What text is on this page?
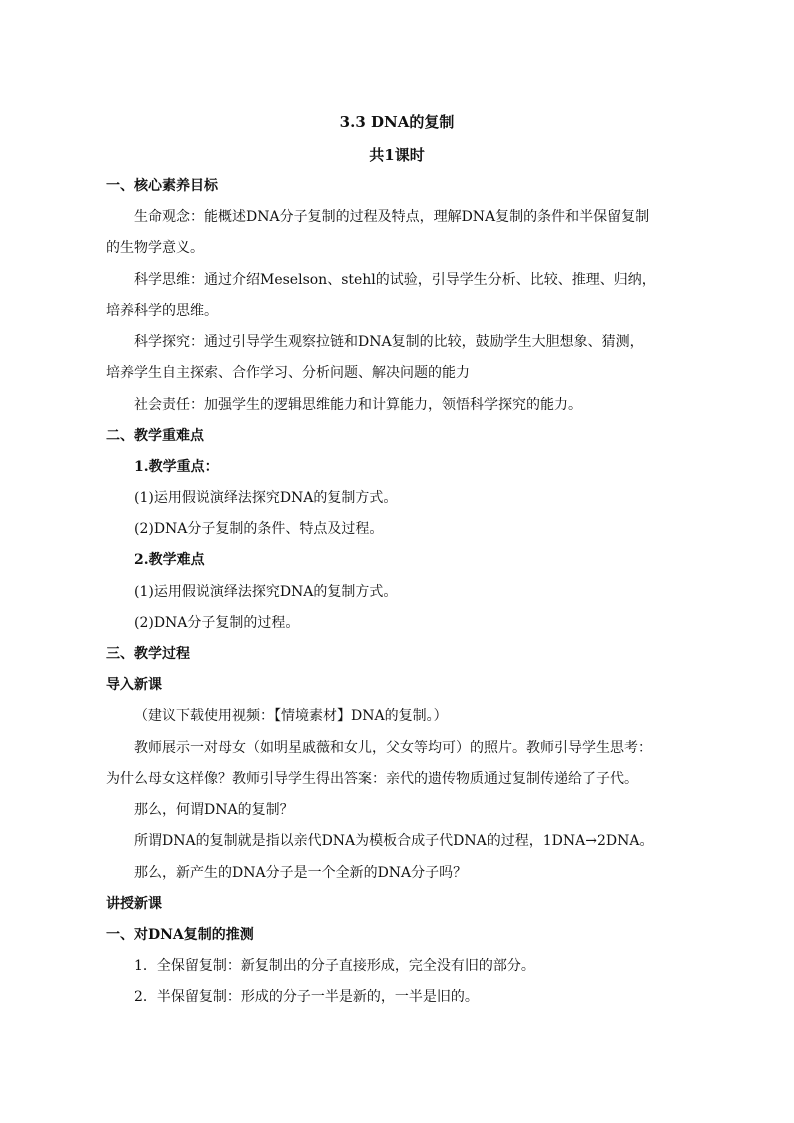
3.3 DNA的复制

共1课时

一、核心素养目标

生命观念：能概述DNA分子复制的过程及特点，理解DNA复制的条件和半保留复制

的生物学意义。

科学思维：通过介绍Meselson、stehl的试验，引导学生分析、比较、推理、归纳，

培养科学的思维。

科学探究：通过引导学生观察拉链和DNA复制的比较，鼓励学生大胆想象、猜测，

培养学生自主探索、合作学习、分析问题、解决问题的能力

社会责任：加强学生的逻辑思维能力和计算能力，领悟科学探究的能力。

二、教学重难点

1.教学重点：

(1)运用假说演绎法探究DNA的复制方式。

(2)DNA分子复制的条件、特点及过程。

2.教学难点

(1)运用假说演绎法探究DNA的复制方式。

(2)DNA分子复制的过程。

三、教学过程

导入新课

（建议下载使用视频：【情境素材】DNA的复制。）

教师展示一对母女（如明星戚薇和女儿，父女等均可）的照片。教师引导学生思考：

为什么母女这样像？教师引导学生得出答案：亲代的遗传物质通过复制传递给了子代。

那么，何谓DNA的复制？

所谓DNA的复制就是指以亲代DNA为模板合成子代DNA的过程，1DNA→2DNA。

那么，新产生的DNA分子是一个全新的DNA分子吗？

讲授新课

一、对DNA复制的推测

1．全保留复制：新复制出的分子直接形成，完全没有旧的部分。

2．半保留复制：形成的分子一半是新的，一半是旧的。
